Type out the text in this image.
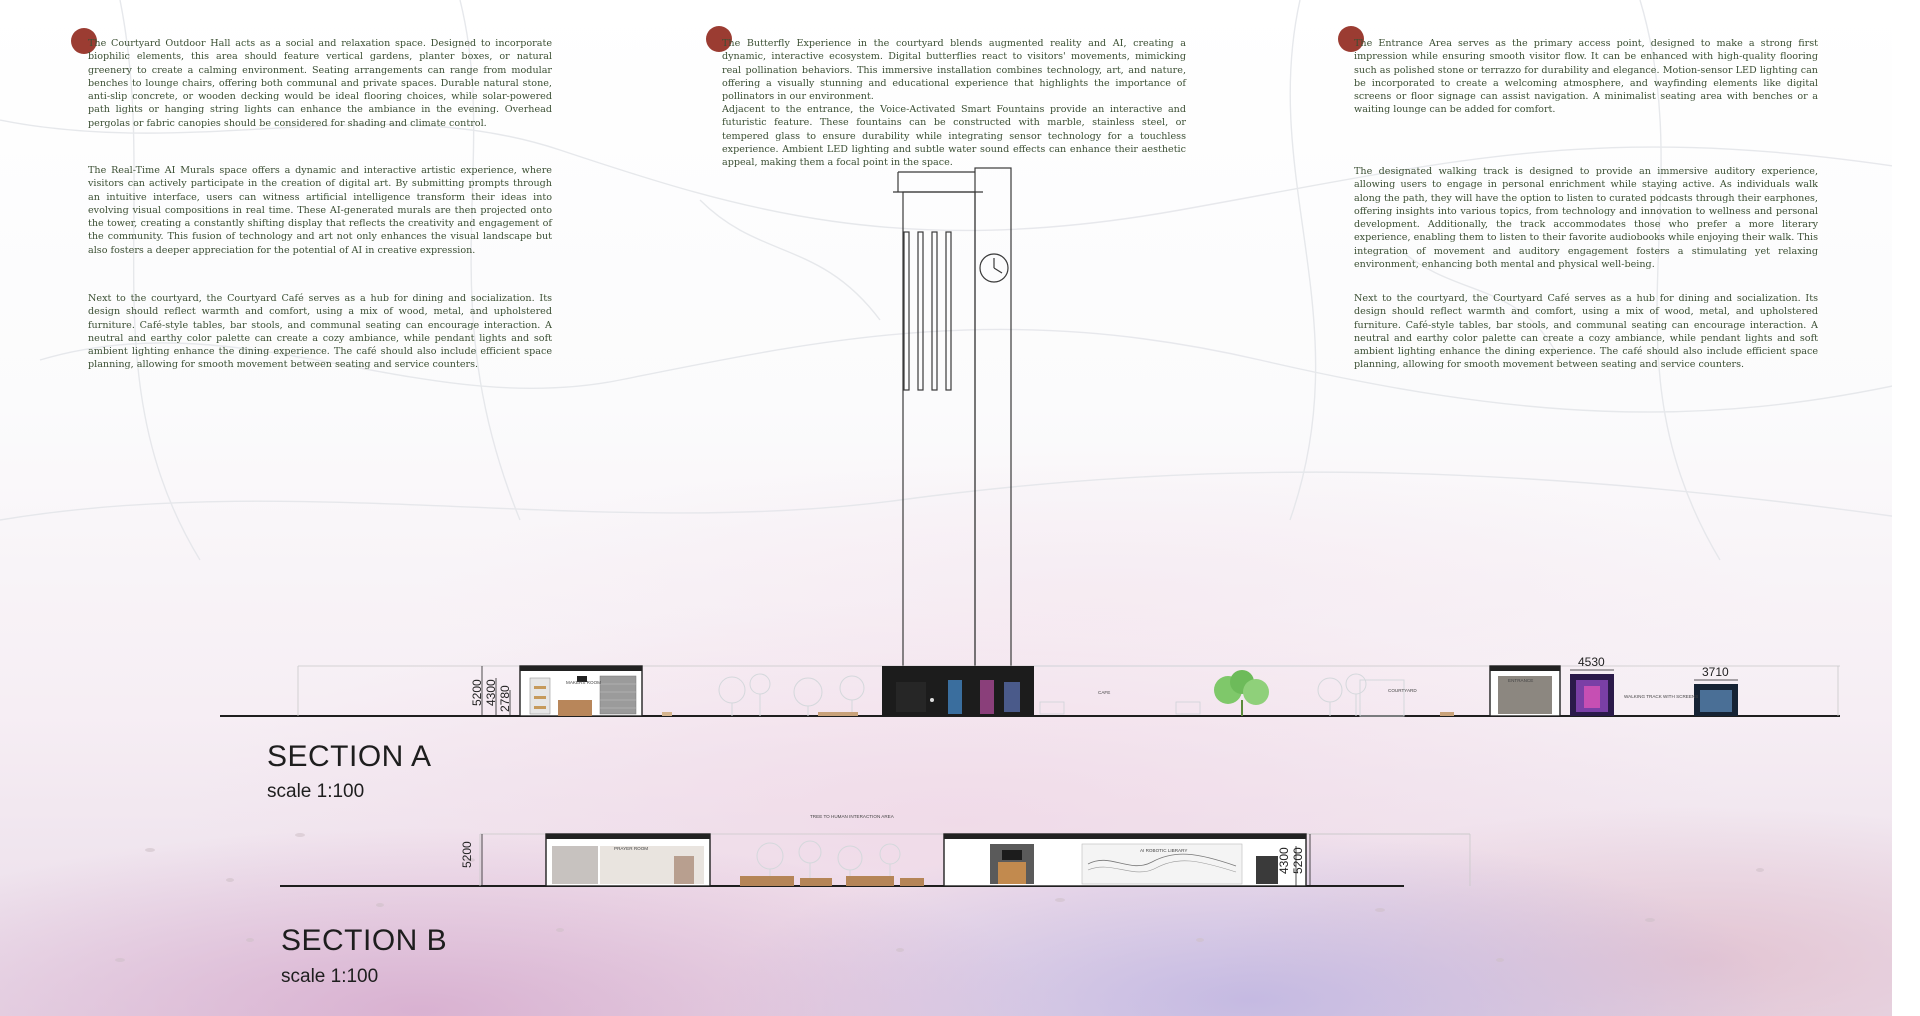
The Courtyard Outdoor Hall acts as a social and relaxation space. Designed to incorporate biophilic elements, this area should feature vertical gardens, planter boxes, or natural greenery to create a calming environment. Seating arrangements can range from modular benches to lounge chairs, offering both communal and private spaces. Durable natural stone, anti-slip concrete, or wooden decking would be ideal flooring choices, while solar-powered path lights or hanging string lights can enhance the ambiance in the evening. Overhead pergolas or fabric canopies should be considered for shading and climate control.

The Real-Time AI Murals space offers a dynamic and interactive artistic experience, where visitors can actively participate in the creation of digital art. By submitting prompts through an intuitive interface, users can witness artificial intelligence transform their ideas into evolving visual compositions in real time. These AI-generated murals are then projected onto the tower, creating a constantly shifting display that reflects the creativity and engagement of the community. This fusion of technology and art not only enhances the visual landscape but also fosters a deeper appreciation for the potential of AI in creative expression.

Next to the courtyard, the Courtyard Café serves as a hub for dining and socialization. Its design should reflect warmth and comfort, using a mix of wood, metal, and upholstered furniture. Café-style tables, bar stools, and communal seating can encourage interaction. A neutral and earthy color palette can create a cozy ambiance, while pendant lights and soft ambient lighting enhance the dining experience. The café should also include efficient space planning, allowing for smooth movement between seating and service counters.

The Butterfly Experience in the courtyard blends augmented reality and AI, creating a dynamic, interactive ecosystem. Digital butterflies react to visitors' movements, mimicking real pollination behaviors. This immersive installation combines technology, art, and nature, offering a visually stunning and educational experience that highlights the importance of pollinators in our environment.

Adjacent to the entrance, the Voice-Activated Smart Fountains provide an interactive and futuristic feature. These fountains can be constructed with marble, stainless steel, or tempered glass to ensure durability while integrating sensor technology for a touchless experience. Ambient LED lighting and subtle water sound effects can enhance their aesthetic appeal, making them a focal point in the space.

The Entrance Area serves as the primary access point, designed to make a strong first impression while ensuring smooth visitor flow. It can be enhanced with high-quality flooring such as polished stone or terrazzo for durability and elegance. Motion-sensor LED lighting can be incorporated to create a welcoming atmosphere, and wayfinding elements like digital screens or floor signage can assist navigation. A minimalist seating area with benches or a waiting lounge can be added for comfort.

The designated walking track is designed to provide an immersive auditory experience, allowing users to engage in personal enrichment while staying active. As individuals walk along the path, they will have the option to listen to curated podcasts through their earphones, offering insights into various topics, from technology and innovation to wellness and personal development. Additionally, the track accommodates those who prefer a more literary experience, enabling them to listen to their favorite audiobooks while enjoying their walk. This integration of movement and auditory engagement fosters a stimulating yet relaxing environment, enhancing both mental and physical well-being.

Next to the courtyard, the Courtyard Café serves as a hub for dining and socialization. Its design should reflect warmth and comfort, using a mix of wood, metal, and upholstered furniture. Café-style tables, bar stools, and communal seating can encourage interaction. A neutral and earthy color palette can create a cozy ambiance, while pendant lights and soft ambient lighting enhance the dining experience. The café should also include efficient space planning, allowing for smooth movement between seating and service counters.

MAKERS ROOM
CAFE	COURTYARD
ENTRANCE
WALKING TRACK WITH SCREENS
5200 4300 2780
4530
3710
SECTION A
scale 1:100
TREE TO HUMAN INTERACTION AREA
PRAYER ROOM	AI ROBOTIC LIBRARY
5200	4300 5200
SECTION B
scale 1:100
